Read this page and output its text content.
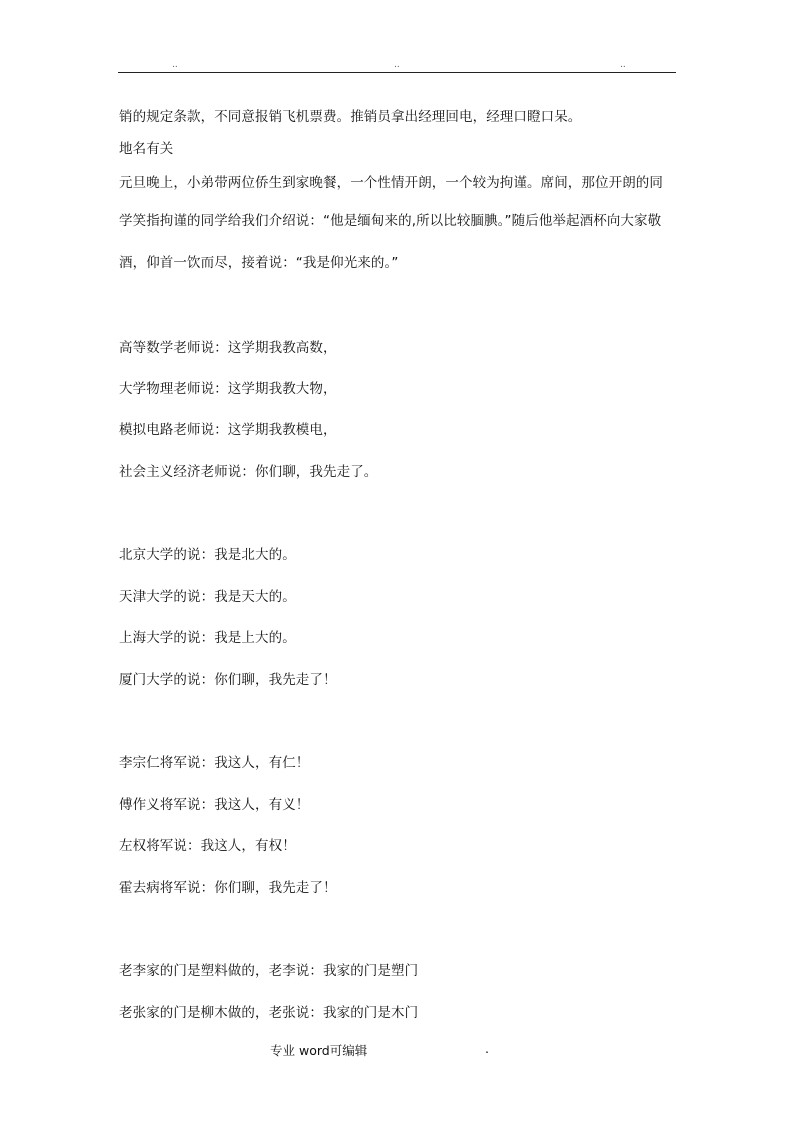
..	..	..
销的规定条款，不同意报销飞机票费。推销员拿出经理回电，经理口瞪口呆。
地名有关
元旦晚上，小弟带两位侨生到家晚餐，一个性情开朗，一个较为拘谨。席间，那位开朗的同
学笑指拘谨的同学给我们介绍说：“他是缅甸来的,所以比较腼腆。”随后他举起酒杯向大家敬
酒，仰首一饮而尽，接着说：“我是仰光来的。”
高等数学老师说：这学期我教高数，
大学物理老师说：这学期我教大物，
模拟电路老师说：这学期我教模电，
社会主义经济老师说：你们聊，我先走了。
北京大学的说：我是北大的。
天津大学的说：我是天大的。
上海大学的说：我是上大的。
厦门大学的说：你们聊，我先走了！
李宗仁将军说：我这人，有仁！
傅作义将军说：我这人，有义！
左权将军说：我这人，有权！
霍去病将军说：你们聊，我先走了！
老李家的门是塑料做的，老李说：我家的门是塑门
老张家的门是柳木做的，老张说：我家的门是木门
专业 word可编辑	.
